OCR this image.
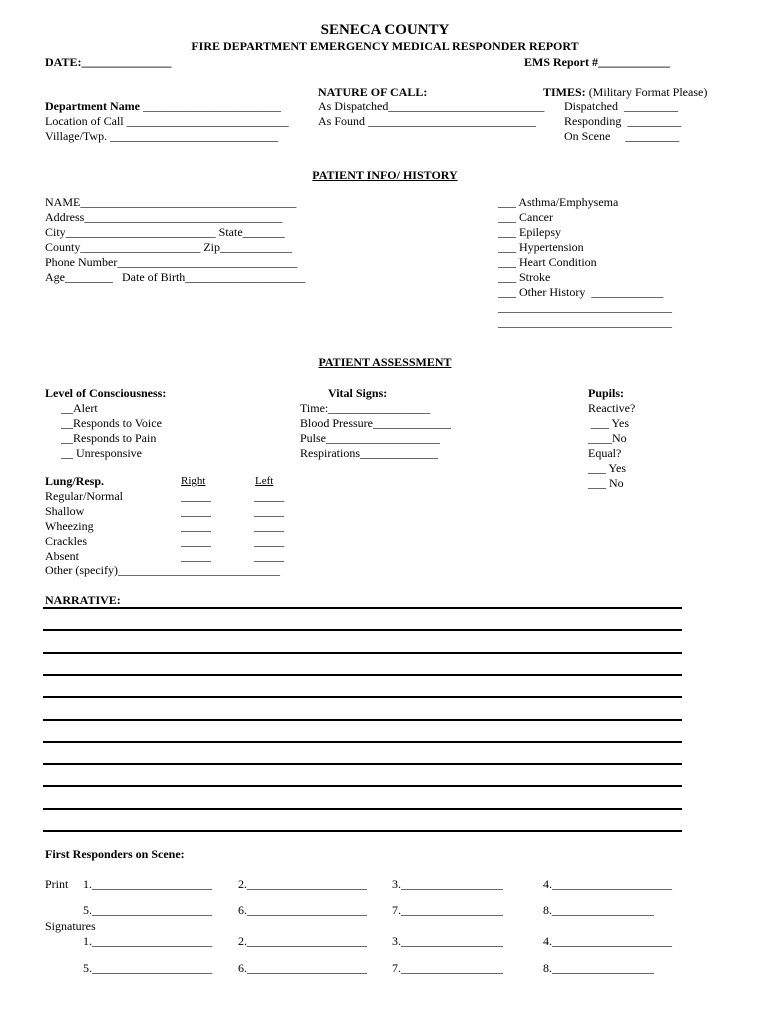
SENECA COUNTY
FIRE DEPARTMENT EMERGENCY MEDICAL RESPONDER REPORT
DATE:_______________	EMS Report #____________
Department Name _______________________
Location of Call ___________________________
Village/Twp. ____________________________
NATURE OF CALL:
As Dispatched__________________________
As Found ____________________________
TIMES: (Military Format Please)
Dispatched  _________
Responding  _________
On Scene     _________
PATIENT INFO/ HISTORY
NAME____________________________________
Address_________________________________
City_________________________ State_______
County____________________ Zip____________
Phone Number______________________________
Age________   Date of Birth____________________
___ Asthma/Emphysema
___ Cancer
___ Epilepsy
___ Hypertension
___ Heart Condition
___ Stroke
___ Other History  ____________
_____________________________
_____________________________
PATIENT ASSESSMENT
Level of Consciousness:
__Alert
__Responds to Voice
__Responds to Pain
__ Unresponsive
Vital Signs:
Time:_________________
Blood Pressure_____________
Pulse___________________
Respirations_____________
Pupils:
Reactive?
___ Yes
____No
Equal?
___ Yes
___ No
Lung/Resp.	Right	Left
Regular/Normal	_____	_____
Shallow	_____	_____
Wheezing	_____	_____
Crackles	_____	_____
Absent	_____	_____
Other (specify)___________________________
NARRATIVE:
First Responders on Scene:
Print
Signatures
1.____________________ 2.____________________ 3._________________	4.____________________
5.____________________ 6.____________________ 7._________________	8._________________
1.____________________ 2.____________________ 3._________________	4.____________________
5.____________________ 6.____________________ 7._________________	8._________________
